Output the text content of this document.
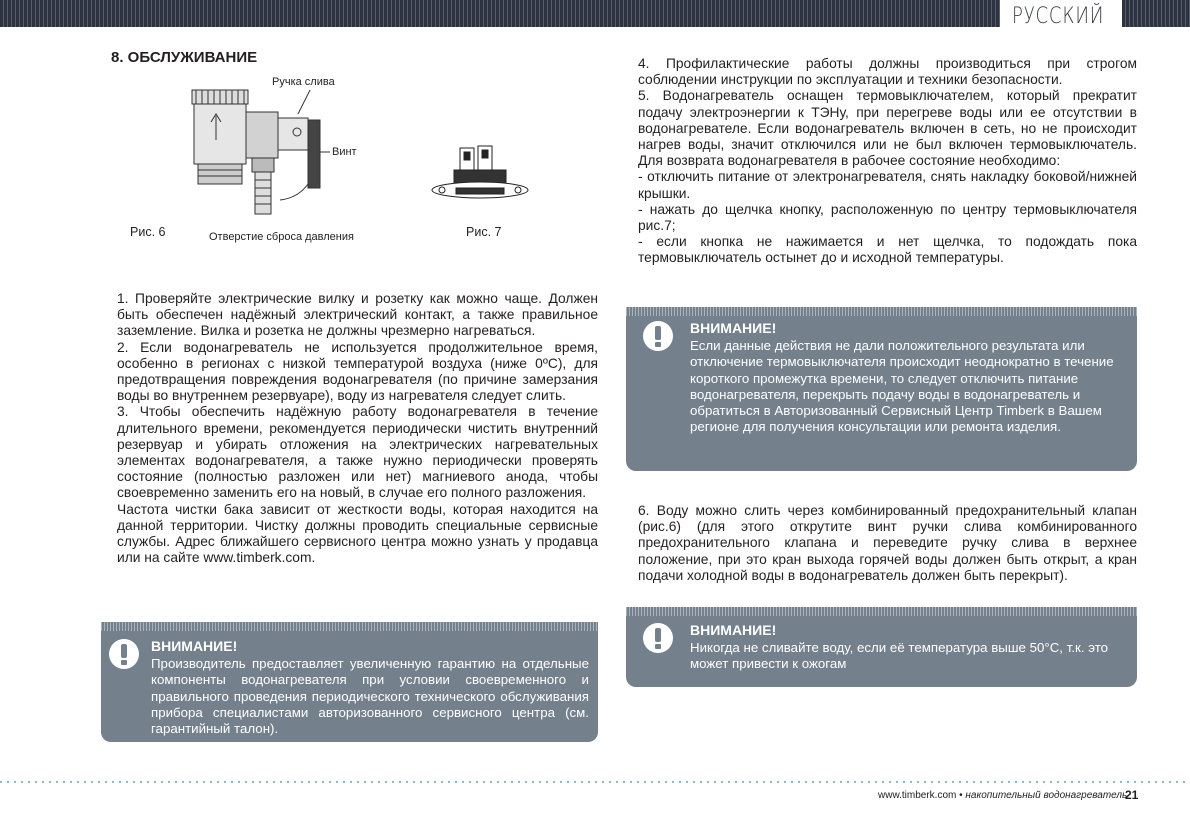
РУССКИЙ
8. ОБСЛУЖИВАНИЕ
Ручка слива
Винт
Отверстие сброса давления
Рис. 6	Рис. 7

1. Проверяйте электрические вилку и розетку как можно чаще. Должен быть обеспечен надёжный электрический контакт, а также правильное заземление. Вилка и розетка не должны чрезмерно нагреваться.

2. Если водонагреватель не используется продолжительное время, особенно в регионах с низкой температурой воздуха (ниже 0ºС), для предотвращения повреждения водонагревателя (по причине замерзания воды во внутреннем резервуаре), воду из нагревателя следует слить.

3. Чтобы обеспечить надёжную работу водонагревателя в течение длительного времени, рекомендуется периодически чистить внутренний резервуар и убирать отложения на электрических нагревательных элементах водонагревателя, а также нужно периодически проверять состояние (полностью разложен или нет) магниевого анода, чтобы своевременно заменить его на новый, в случае его полного разложения.

Частота чистки бака зависит от жесткости воды, которая находится на данной территории. Чистку должны проводить специальные сервисные службы. Адрес ближайшего сервисного центра можно узнать у продавца или на сайте www.timberk.com.

ВНИМАНИЕ!
Производитель предоставляет увеличенную гарантию на отдельные компоненты водонагревателя при условии своевременного и правильного проведения периодического технического обслуживания прибора специалистами авторизованного сервисного центра (см. гарантийный талон).

4. Профилактические работы должны производиться при строгом соблюдении инструкции по эксплуатации и техники безопасности.

5. Водонагреватель оснащен термовыключателем, который прекратит подачу электроэнергии к ТЭНу, при перегреве воды или ее отсутствии в водонагревателе. Если водонагреватель включен в сеть, но не происходит нагрев воды, значит отключился или не был включен термовыключатель. Для возврата водонагревателя в рабочее состояние необходимо:

- отключить питание от электронагревателя, снять накладку боковой/нижней крышки.

- нажать до щелчка кнопку, расположенную по центру термовыключателя рис.7;

- если кнопка не нажимается и нет щелчка, то подождать пока термовыключатель остынет до и исходной температуры.

ВНИМАНИЕ!
Если данные действия не дали положительного результата или отключение термовыключателя происходит неоднократно в течение короткого промежутка времени, то следует отключить питание водонагревателя, перекрыть подачу воды в водонагреватель и обратиться в Авторизованный Сервисный Центр Timberk в Вашем регионе для получения консультации или ремонта изделия.

6. Воду можно слить через комбинированный предохранительный клапан (рис.6) (для этого открутите винт ручки слива комбинированного предохранительного клапана и переведите ручку слива в верхнее положение, при это кран выхода горячей воды должен быть открыт, а кран подачи холодной воды в водонагреватель должен быть перекрыт).

ВНИМАНИЕ!
Никогда не сливайте воду, если её температура выше 50°С, т.к. это может привести к ожогам
www.timberk.com • накопительный водонагреватель
21
